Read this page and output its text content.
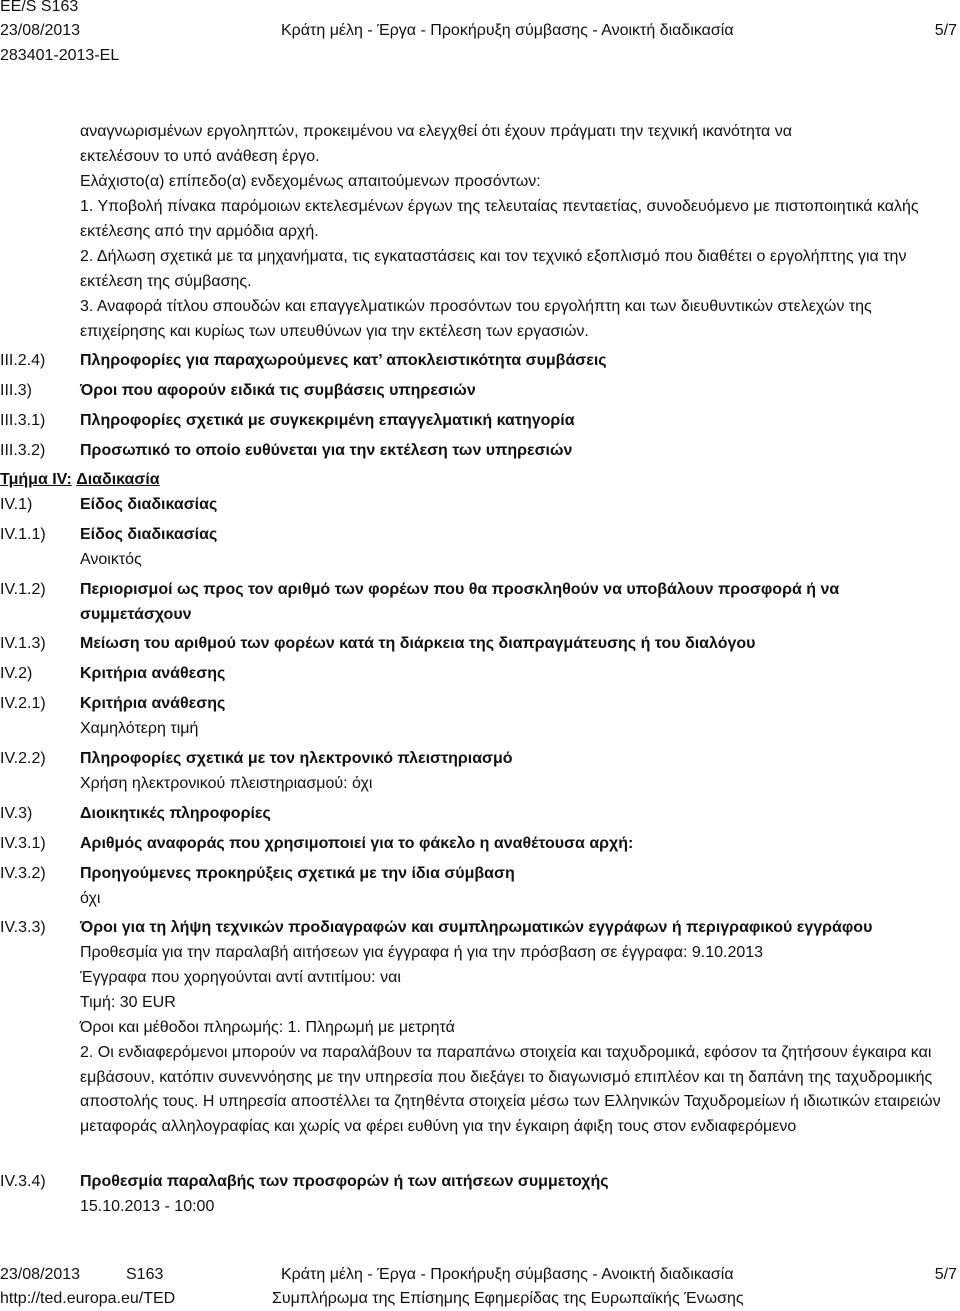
EE/S S163
23/08/2013	Κράτη μέλη - Έργα - Προκήρυξη σύμβασης - Ανοικτή διαδικασία	5/7
283401-2013-EL
αναγνωρισμένων εργοληπτών, προκειμένου να ελεγχθεί ότι έχουν πράγματι την τεχνική ικανότητα να
εκτελέσουν το υπό ανάθεση έργο.
Ελάχιστο(α) επίπεδο(α) ενδεχομένως απαιτούμενων προσόντων:
1. Υποβολή πίνακα παρόμοιων εκτελεσμένων έργων της τελευταίας πενταετίας, συνοδευόμενο με πιστοποιητικά καλής εκτέλεσης από την αρμόδια αρχή.
2. Δήλωση σχετικά με τα μηχανήματα, τις εγκαταστάσεις και τον τεχνικό εξοπλισμό που διαθέτει ο εργολήπτης για την εκτέλεση της σύμβασης.
3. Αναφορά τίτλου σπουδών και επαγγελματικών προσόντων του εργολήπτη και των διευθυντικών στελεχών της επιχείρησης και κυρίως των υπευθύνων για την εκτέλεση των εργασιών.
III.2.4) Πληροφορίες για παραχωρούμενες κατ’ αποκλειστικότητα συμβάσεις
III.3)	Όροι που αφορούν ειδικά τις συμβάσεις υπηρεσιών
III.3.1) Πληροφορίες σχετικά με συγκεκριμένη επαγγελματική κατηγορία
III.3.2) Προσωπικό το οποίο ευθύνεται για την εκτέλεση των υπηρεσιών
Τμήμα IV: Διαδικασία
IV.1)	Είδος διαδικασίας
IV.1.1) Είδος διαδικασίας
Ανοικτός
IV.1.2) Περιορισμοί ως προς τον αριθμό των φορέων που θα προσκληθούν να υποβάλουν προσφορά ή να συμμετάσχουν
IV.1.3) Μείωση του αριθμού των φορέων κατά τη διάρκεια της διαπραγμάτευσης ή του διαλόγου
IV.2)	Κριτήρια ανάθεσης
IV.2.1) Κριτήρια ανάθεσης
Χαμηλότερη τιμή
IV.2.2) Πληροφορίες σχετικά με τον ηλεκτρονικό πλειστηριασμό
Χρήση ηλεκτρονικού πλειστηριασμού: όχι
IV.3)	Διοικητικές πληροφορίες
IV.3.1) Αριθμός αναφοράς που χρησιμοποιεί για το φάκελο η αναθέτουσα αρχή:
IV.3.2) Προηγούμενες προκηρύξεις σχετικά με την ίδια σύμβαση
όχι
IV.3.3) Όροι για τη λήψη τεχνικών προδιαγραφών και συμπληρωματικών εγγράφων ή περιγραφικού εγγράφου
Προθεσμία για την παραλαβή αιτήσεων για έγγραφα ή για την πρόσβαση σε έγγραφα: 9.10.2013
Έγγραφα που χορηγούνται αντί αντιτίμου: ναι
Τιμή: 30 EUR
Όροι και μέθοδοι πληρωμής: 1. Πληρωμή με μετρητά
2. Οι ενδιαφερόμενοι μπορούν να παραλάβουν τα παραπάνω στοιχεία και ταχυδρομικά, εφόσον τα ζητήσουν έγκαιρα και εμβάσουν, κατόπιν συνεννόησης με την υπηρεσία που διεξάγει το διαγωνισμό επιπλέον και τη δαπάνη της ταχυδρομικής αποστολής τους. Η υπηρεσία αποστέλλει τα ζητηθέντα στοιχεία μέσω των Ελληνικών Ταχυδρομείων ή ιδιωτικών εταιρειών μεταφοράς αλληλογραφίας και χωρίς να φέρει ευθύνη για την έγκαιρη άφιξη τους στον ενδιαφερόμενο
IV.3.4) Προθεσμία παραλαβής των προσφορών ή των αιτήσεων συμμετοχής
15.10.2013 - 10:00
23/08/2013	S163	Κράτη μέλη - Έργα - Προκήρυξη σύμβασης - Ανοικτή διαδικασία	5/7
http://ted.europa.eu/TED	Συμπλήρωμα της Επίσημης Εφημερίδας της Ευρωπαϊκής Ένωσης
